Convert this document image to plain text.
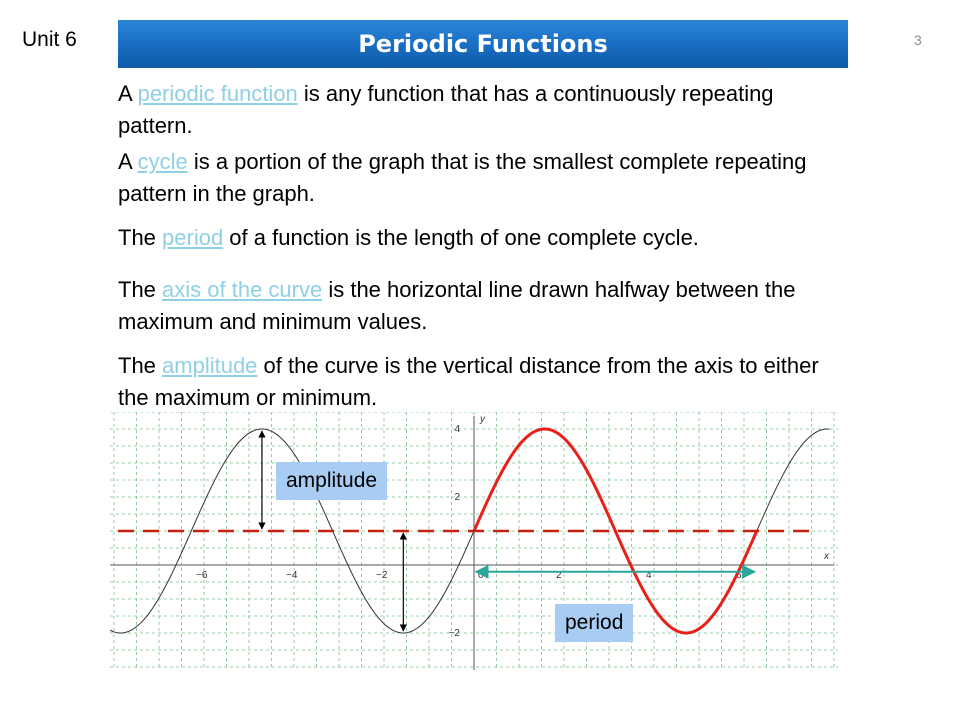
Unit 6	Periodic Functions	3
A periodic function is any function that has a continuously repeating pattern.
A cycle is a portion of the graph that is the smallest complete repeating pattern in the graph.
The period of a function is the length of one complete cycle.
The axis of the curve is the horizontal line drawn halfway between the maximum and minimum values.
The amplitude of the curve is the vertical distance from the axis to either the maximum or minimum.
x
y
−6	−4	−2	0	2	4	6
4
2
−2
amplitude
period
